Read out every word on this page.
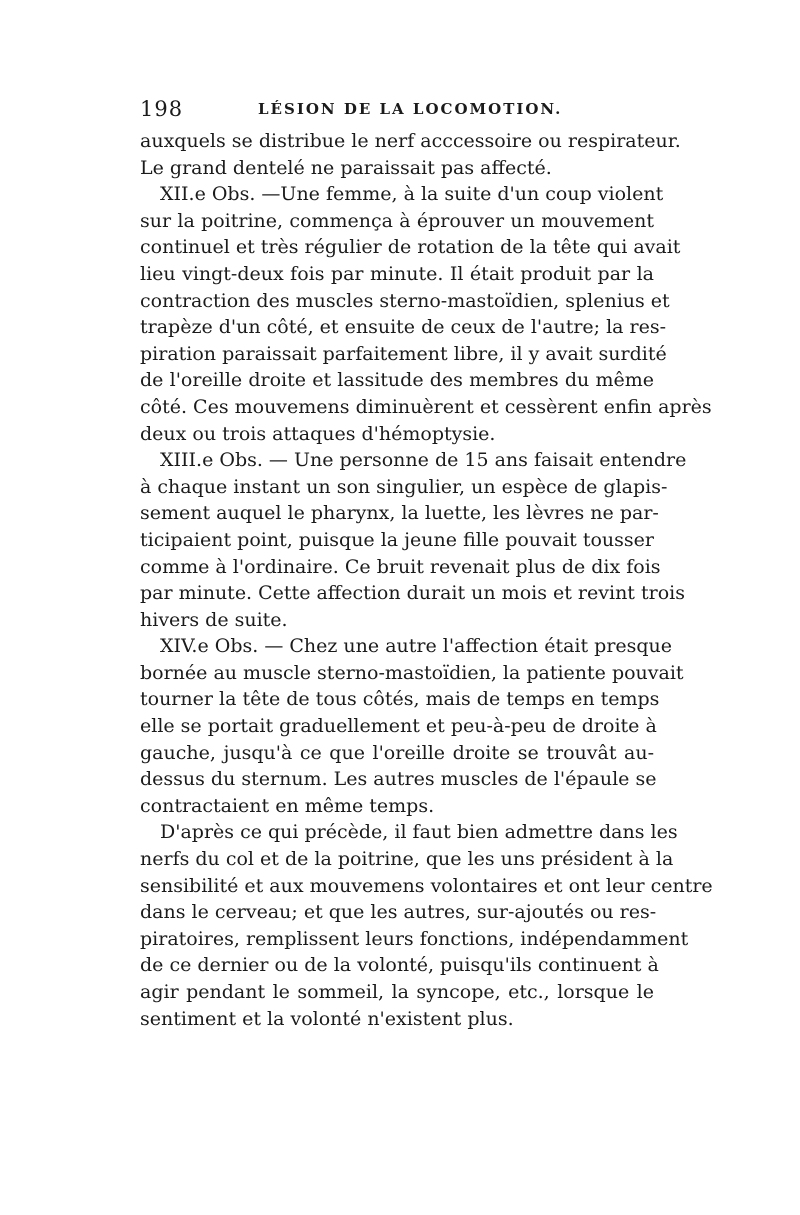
198	LÉSION DE LA LOCOMOTION.
auxquels se distribue le nerf acccessoire ou respirateur.
Le grand dentelé ne paraissait pas affecté.
XII.e Obs. —Une femme, à la suite d'un coup violent
sur la poitrine, commença à éprouver un mouvement
continuel et très régulier de rotation de la tête qui avait
lieu vingt-deux fois par minute. Il était produit par la
contraction des muscles sterno-mastoïdien, splenius et
trapèze d'un côté, et ensuite de ceux de l'autre; la res-
piration paraissait parfaitement libre, il y avait surdité
de l'oreille droite et lassitude des membres du même
côté. Ces mouvemens diminuèrent et cessèrent enfin après
deux ou trois attaques d'hémoptysie.
XIII.e Obs. — Une personne de 15 ans faisait entendre
à chaque instant un son singulier, un espèce de glapis-
sement auquel le pharynx, la luette, les lèvres ne par-
ticipaient point, puisque la jeune fille pouvait tousser
comme à l'ordinaire. Ce bruit revenait plus de dix fois
par minute. Cette affection durait un mois et revint trois
hivers de suite.
XIV.e Obs. — Chez une autre l'affection était presque
bornée au muscle sterno-mastoïdien, la patiente pouvait
tourner la tête de tous côtés, mais de temps en temps
elle se portait graduellement et peu-à-peu de droite à
gauche, jusqu'à ce que l'oreille droite se trouvât au-
dessus du sternum. Les autres muscles de l'épaule se
contractaient en même temps.
D'après ce qui précède, il faut bien admettre dans les
nerfs du col et de la poitrine, que les uns président à la
sensibilité et aux mouvemens volontaires et ont leur centre
dans le cerveau; et que les autres, sur-ajoutés ou res-
piratoires, remplissent leurs fonctions, indépendamment
de ce dernier ou de la volonté, puisqu'ils continuent à
agir pendant le sommeil, la syncope, etc., lorsque le
sentiment et la volonté n'existent plus.
